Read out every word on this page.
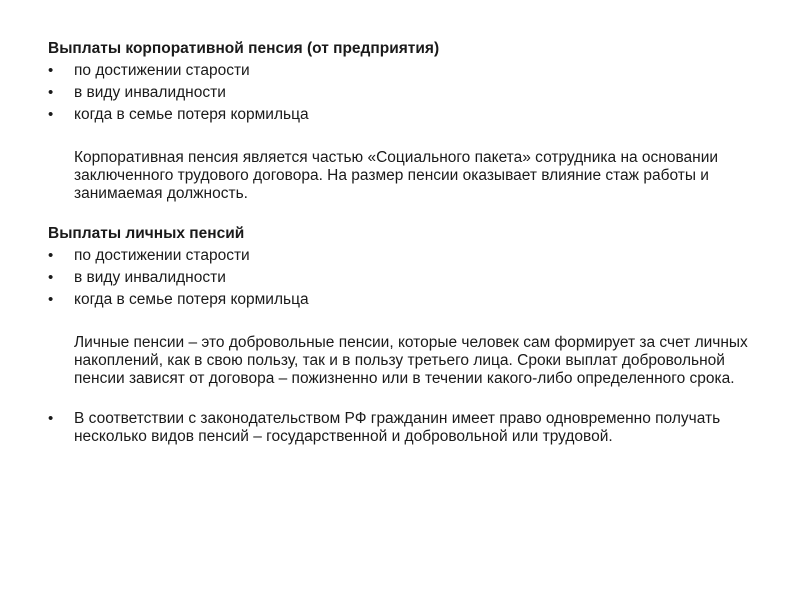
Выплаты корпоративной пенсия (от предприятия)
• по достижении старости
• в виду инвалидности
• когда в семье потеря кормильца

Корпоративная пенсия является частью «Социального пакета» сотрудника на основании заключенного трудового договора. На размер пенсии оказывает влияние стаж работы и занимаемая должность.

Выплаты личных пенсий
• по достижении старости
• в виду инвалидности
• когда в семье потеря кормильца

Личные пенсии – это добровольные пенсии, которые человек сам формирует за счет личных накоплений, как в свою пользу, так и в пользу третьего лица. Сроки выплат добровольной пенсии зависят от договора – пожизненно или в течении какого-либо определенного срока.

• В соответствии с законодательством РФ гражданин имеет право одновременно получать несколько видов пенсий – государственной и добровольной или трудовой.
